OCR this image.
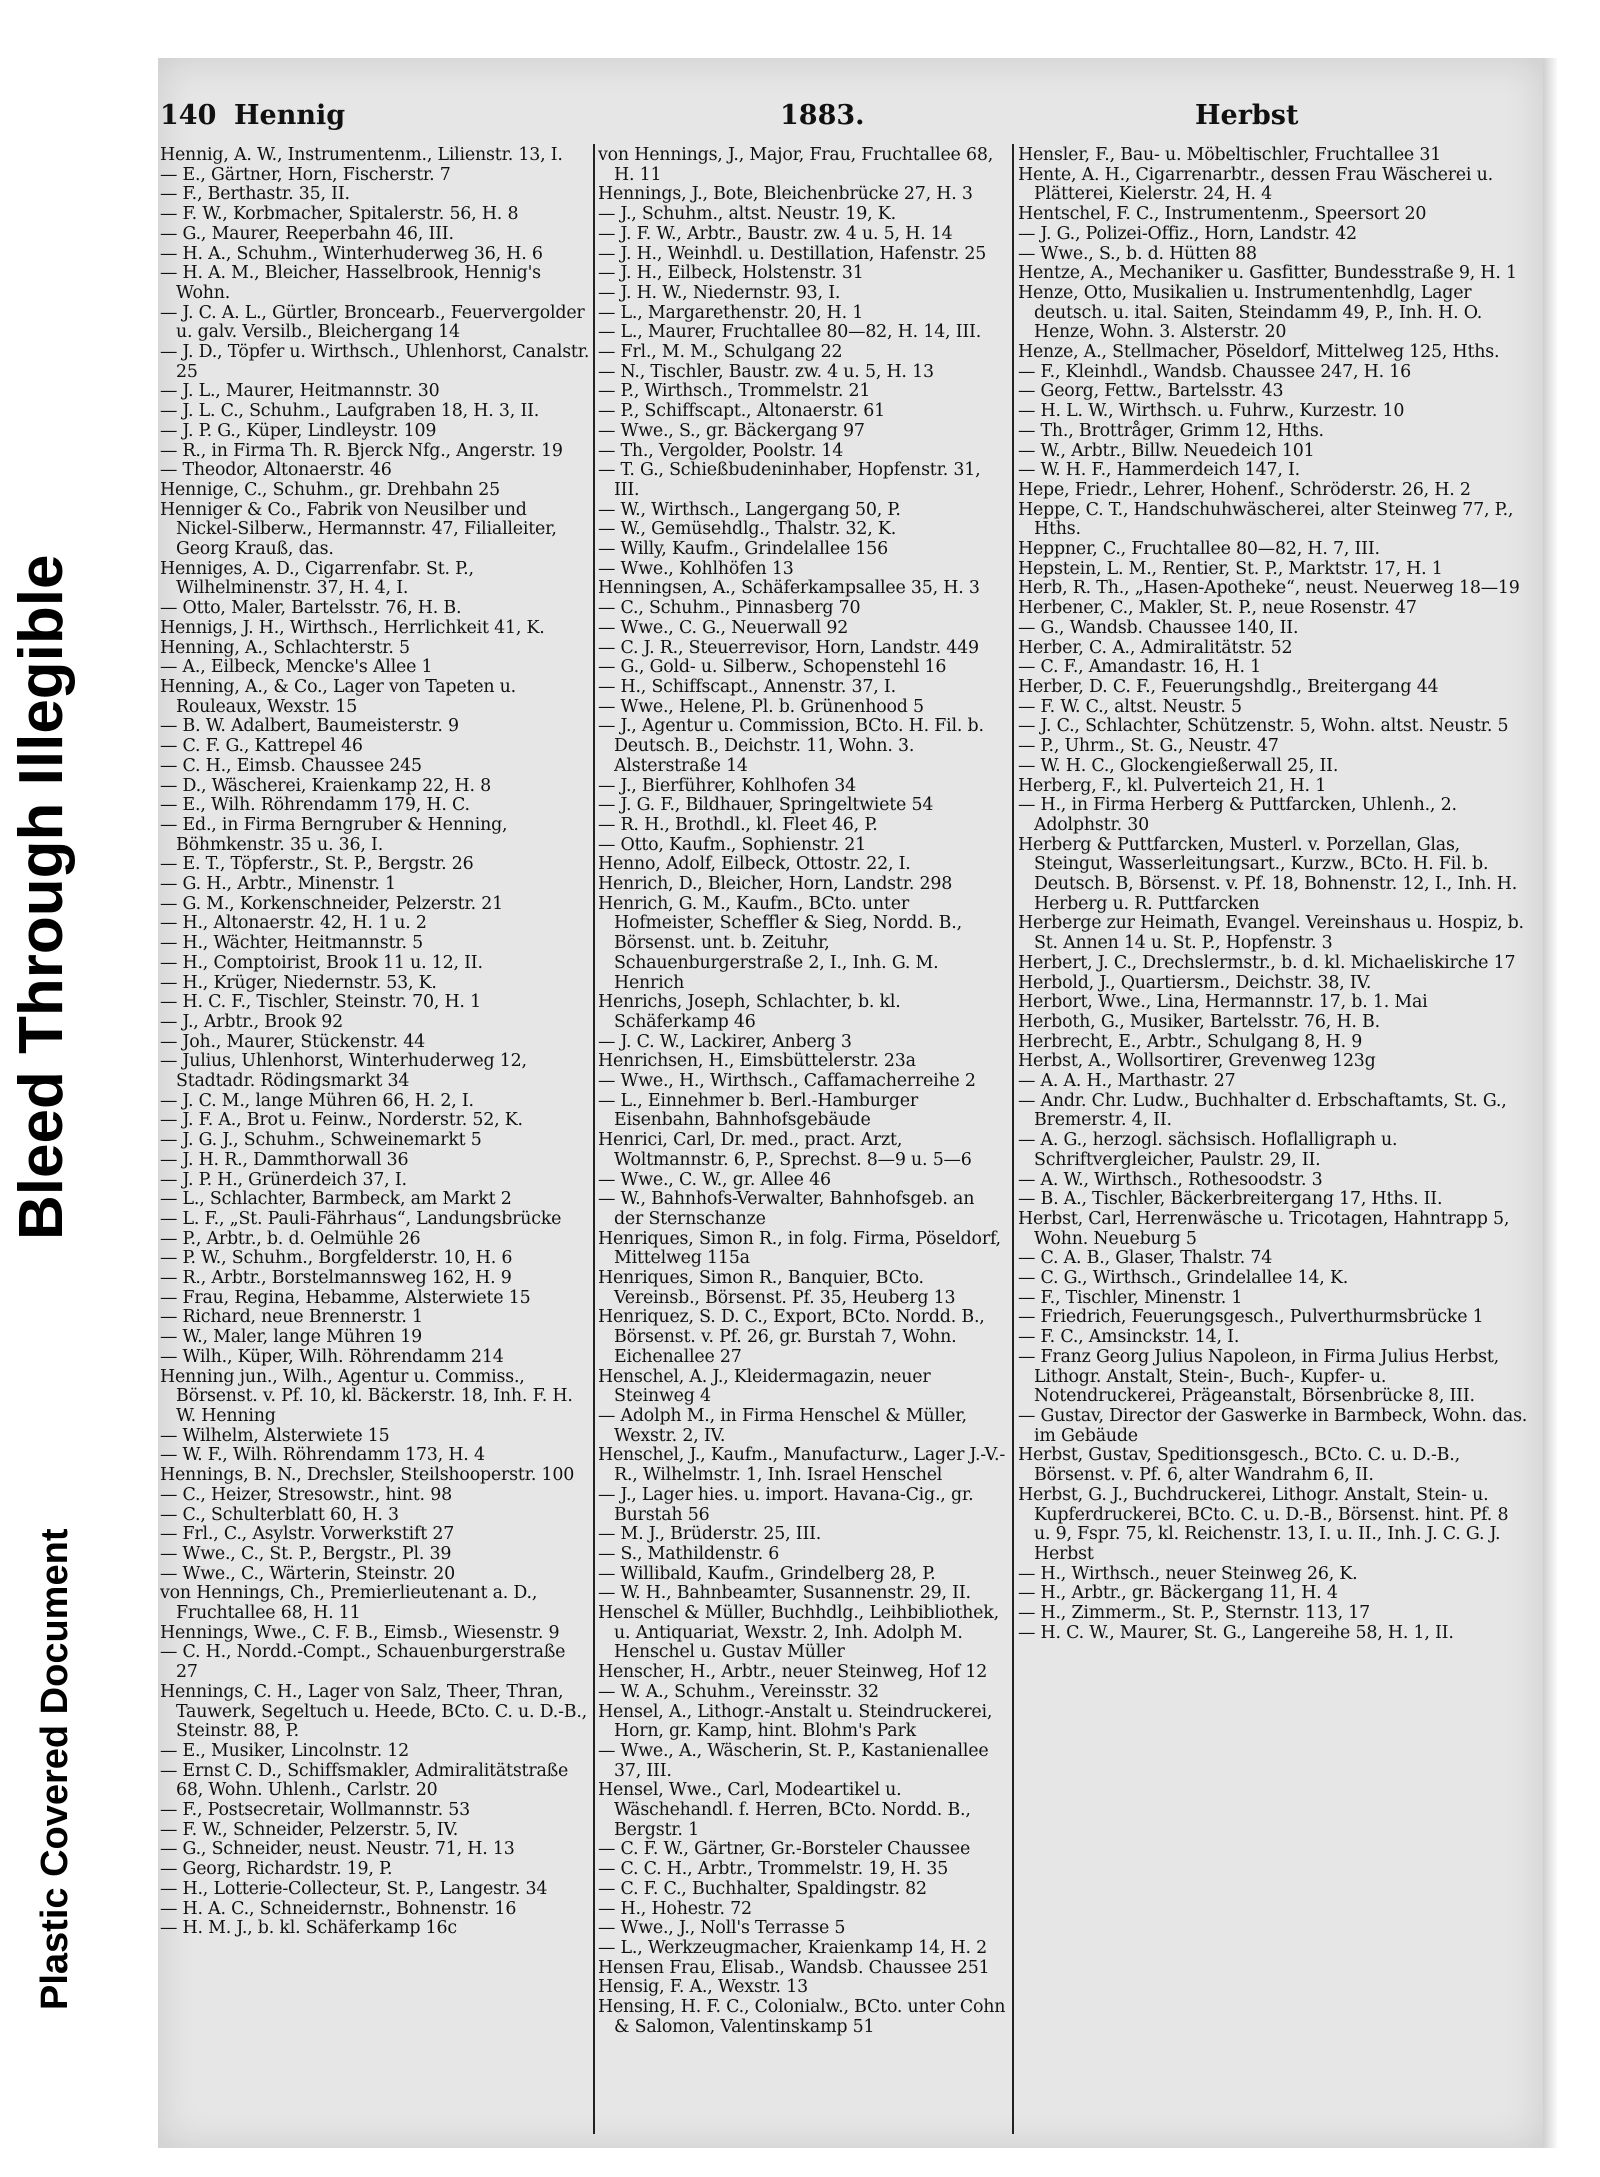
Bleed Through Illegible
Plastic Covered Document
140 Hennig	1883.	Herbst

Hennig, A. W., Instrumentenm., Lilienstr. 13, I.

— E., Gärtner, Horn, Fischerstr. 7

— F., Berthastr. 35, II.

— F. W., Korbmacher, Spitalerstr. 56, H. 8

— G., Maurer, Reeperbahn 46, III.

— H. A., Schuhm., Winterhuderweg 36, H. 6

— H. A. M., Bleicher, Hasselbrook, Hennig's Wohn.

— J. C. A. L., Gürtler, Broncearb., Feuervergolder u. galv. Versilb., Bleichergang 14

— J. D., Töpfer u. Wirthsch., Uhlenhorst, Canalstr. 25

— J. L., Maurer, Heitmannstr. 30

— J. L. C., Schuhm., Laufgraben 18, H. 3, II.

— J. P. G., Küper, Lindleystr. 109

— R., in Firma Th. R. Bjerck Nfg., Angerstr. 19

— Theodor, Altonaerstr. 46

Hennige, C., Schuhm., gr. Drehbahn 25

Henniger & Co., Fabrik von Neusilber und Nickel-Silberw., Hermannstr. 47, Filialleiter, Georg Krauß, das.

Henniges, A. D., Cigarrenfabr. St. P., Wilhelminenstr. 37, H. 4, I.

— Otto, Maler, Bartelsstr. 76, H. B.

Hennigs, J. H., Wirthsch., Herrlichkeit 41, K.

Henning, A., Schlachterstr. 5

— A., Eilbeck, Mencke's Allee 1

Henning, A., & Co., Lager von Tapeten u. Rouleaux, Wexstr. 15

— B. W. Adalbert, Baumeisterstr. 9

— C. F. G., Kattrepel 46

— C. H., Eimsb. Chaussee 245

— D., Wäscherei, Kraienkamp 22, H. 8

— E., Wilh. Röhrendamm 179, H. C.

— Ed., in Firma Berngruber & Henning, Böhmkenstr. 35 u. 36, I.

— E. T., Töpferstr., St. P., Bergstr. 26

— G. H., Arbtr., Minenstr. 1

— G. M., Korkenschneider, Pelzerstr. 21

— H., Altonaerstr. 42, H. 1 u. 2

— H., Wächter, Heitmannstr. 5

— H., Comptoirist, Brook 11 u. 12, II.

— H., Krüger, Niedernstr. 53, K.

— H. C. F., Tischler, Steinstr. 70, H. 1

— J., Arbtr., Brook 92

— Joh., Maurer, Stückenstr. 44

— Julius, Uhlenhorst, Winterhuderweg 12, Stadtadr. Rödingsmarkt 34

— J. C. M., lange Mühren 66, H. 2, I.

— J. F. A., Brot u. Feinw., Norderstr. 52, K.

— J. G. J., Schuhm., Schweinemarkt 5

— J. H. R., Dammthorwall 36

— J. P. H., Grünerdeich 37, I.

— L., Schlachter, Barmbeck, am Markt 2

— L. F., „St. Pauli-Fährhaus“, Landungsbrücke

— P., Arbtr., b. d. Oelmühle 26

— P. W., Schuhm., Borgfelderstr. 10, H. 6

— R., Arbtr., Borstelmannsweg 162, H. 9

— Frau, Regina, Hebamme, Alsterwiete 15

— Richard, neue Brennerstr. 1

— W., Maler, lange Mühren 19

— Wilh., Küper, Wilh. Röhrendamm 214

Henning jun., Wilh., Agentur u. Commiss., Börsenst. v. Pf. 10, kl. Bäckerstr. 18, Inh. F. H. W. Henning

— Wilhelm, Alsterwiete 15

— W. F., Wilh. Röhrendamm 173, H. 4

Hennings, B. N., Drechsler, Steilshooperstr. 100

— C., Heizer, Stresowstr., hint. 98

— C., Schulterblatt 60, H. 3

— Frl., C., Asylstr. Vorwerkstift 27

— Wwe., C., St. P., Bergstr., Pl. 39

— Wwe., C., Wärterin, Steinstr. 20

von Hennings, Ch., Premierlieutenant a. D., Fruchtallee 68, H. 11

Hennings, Wwe., C. F. B., Eimsb., Wiesenstr. 9

— C. H., Nordd.-Compt., Schauenburgerstraße 27

Hennings, C. H., Lager von Salz, Theer, Thran, Tauwerk, Segeltuch u. Heede, BCto. C. u. D.-B., Steinstr. 88, P.

— E., Musiker, Lincolnstr. 12

— Ernst C. D., Schiffsmakler, Admiralitätstraße 68, Wohn. Uhlenh., Carlstr. 20

— F., Postsecretair, Wollmannstr. 53

— F. W., Schneider, Pelzerstr. 5, IV.

— G., Schneider, neust. Neustr. 71, H. 13

— Georg, Richardstr. 19, P.

— H., Lotterie-Collecteur, St. P., Langestr. 34

— H. A. C., Schneidernstr., Bohnenstr. 16

— H. M. J., b. kl. Schäferkamp 16c

von Hennings, J., Major, Frau, Fruchtallee 68, H. 11

Hennings, J., Bote, Bleichenbrücke 27, H. 3

— J., Schuhm., altst. Neustr. 19, K.

— J. F. W., Arbtr., Baustr. zw. 4 u. 5, H. 14

— J. H., Weinhdl. u. Destillation, Hafenstr. 25

— J. H., Eilbeck, Holstenstr. 31

— J. H. W., Niedernstr. 93, I.

— L., Margarethenstr. 20, H. 1

— L., Maurer, Fruchtallee 80—82, H. 14, III.

— Frl., M. M., Schulgang 22

— N., Tischler, Baustr. zw. 4 u. 5, H. 13

— P., Wirthsch., Trommelstr. 21

— P., Schiffscapt., Altonaerstr. 61

— Wwe., S., gr. Bäckergang 97

— Th., Vergolder, Poolstr. 14

— T. G., Schießbudeninhaber, Hopfenstr. 31, III.

— W., Wirthsch., Langergang 50, P.

— W., Gemüsehdlg., Thalstr. 32, K.

— Willy, Kaufm., Grindelallee 156

— Wwe., Kohlhöfen 13

Henningsen, A., Schäferkampsallee 35, H. 3

— C., Schuhm., Pinnasberg 70

— Wwe., C. G., Neuerwall 92

— C. J. R., Steuerrevisor, Horn, Landstr. 449

— G., Gold- u. Silberw., Schopenstehl 16

— H., Schiffscapt., Annenstr. 37, I.

— Wwe., Helene, Pl. b. Grünenhood 5

— J., Agentur u. Commission, BCto. H. Fil. b. Deutsch. B., Deichstr. 11, Wohn. 3. Alsterstraße 14

— J., Bierführer, Kohlhofen 34

— J. G. F., Bildhauer, Springeltwiete 54

— R. H., Brothdl., kl. Fleet 46, P.

— Otto, Kaufm., Sophienstr. 21

Henno, Adolf, Eilbeck, Ottostr. 22, I.

Henrich, D., Bleicher, Horn, Landstr. 298

Henrich, G. M., Kaufm., BCto. unter Hofmeister, Scheffler & Sieg, Nordd. B., Börsenst. unt. b. Zeituhr, Schauenburgerstraße 2, I., Inh. G. M. Henrich

Henrichs, Joseph, Schlachter, b. kl. Schäferkamp 46

— J. C. W., Lackirer, Anberg 3

Henrichsen, H., Eimsbüttelerstr. 23a

— Wwe., H., Wirthsch., Caffamacherreihe 2

— L., Einnehmer b. Berl.-Hamburger Eisenbahn, Bahnhofsgebäude

Henrici, Carl, Dr. med., pract. Arzt, Woltmannstr. 6, P., Sprechst. 8—9 u. 5—6

— Wwe., C. W., gr. Allee 46

— W., Bahnhofs-Verwalter, Bahnhofsgeb. an der Sternschanze

Henriques, Simon R., in folg. Firma, Pöseldorf, Mittelweg 115a

Henriques, Simon R., Banquier, BCto. Vereinsb., Börsenst. Pf. 35, Heuberg 13

Henriquez, S. D. C., Export, BCto. Nordd. B., Börsenst. v. Pf. 26, gr. Burstah 7, Wohn. Eichenallee 27

Henschel, A. J., Kleidermagazin, neuer Steinweg 4

— Adolph M., in Firma Henschel & Müller, Wexstr. 2, IV.

Henschel, J., Kaufm., Manufacturw., Lager J.-V.-R., Wilhelmstr. 1, Inh. Israel Henschel

— J., Lager hies. u. import. Havana-Cig., gr. Burstah 56

— M. J., Brüderstr. 25, III.

— S., Mathildenstr. 6

— Willibald, Kaufm., Grindelberg 28, P.

— W. H., Bahnbeamter, Susannenstr. 29, II.

Henschel & Müller, Buchhdlg., Leihbibliothek, u. Antiquariat, Wexstr. 2, Inh. Adolph M. Henschel u. Gustav Müller

Henscher, H., Arbtr., neuer Steinweg, Hof 12

— W. A., Schuhm., Vereinsstr. 32

Hensel, A., Lithogr.-Anstalt u. Steindruckerei, Horn, gr. Kamp, hint. Blohm's Park

— Wwe., A., Wäscherin, St. P., Kastanienallee 37, III.

Hensel, Wwe., Carl, Modeartikel u. Wäschehandl. f. Herren, BCto. Nordd. B., Bergstr. 1

— C. F. W., Gärtner, Gr.-Borsteler Chaussee

— C. C. H., Arbtr., Trommelstr. 19, H. 35

— C. F. C., Buchhalter, Spaldingstr. 82

— H., Hohestr. 72

— Wwe., J., Noll's Terrasse 5

— L., Werkzeugmacher, Kraienkamp 14, H. 2

Hensen Frau, Elisab., Wandsb. Chaussee 251

Hensig, F. A., Wexstr. 13

Hensing, H. F. C., Colonialw., BCto. unter Cohn & Salomon, Valentinskamp 51

Hensler, F., Bau- u. Möbeltischler, Fruchtallee 31

Hente, A. H., Cigarrenarbtr., dessen Frau Wäscherei u. Plätterei, Kielerstr. 24, H. 4

Hentschel, F. C., Instrumentenm., Speersort 20

— J. G., Polizei-Offiz., Horn, Landstr. 42

— Wwe., S., b. d. Hütten 88

Hentze, A., Mechaniker u. Gasfitter, Bundesstraße 9, H. 1

Henze, Otto, Musikalien u. Instrumentenhdlg, Lager deutsch. u. ital. Saiten, Steindamm 49, P., Inh. H. O. Henze, Wohn. 3. Alsterstr. 20

Henze, A., Stellmacher, Pöseldorf, Mittelweg 125, Hths.

— F., Kleinhdl., Wandsb. Chaussee 247, H. 16

— Georg, Fettw., Bartelsstr. 43

— H. L. W., Wirthsch. u. Fuhrw., Kurzestr. 10

— Th., Brottråger, Grimm 12, Hths.

— W., Arbtr., Billw. Neuedeich 101

— W. H. F., Hammerdeich 147, I.

Hepe, Friedr., Lehrer, Hohenf., Schröderstr. 26, H. 2

Heppe, C. T., Handschuhwäscherei, alter Steinweg 77, P., Hths.

Heppner, C., Fruchtallee 80—82, H. 7, III.

Hepstein, L. M., Rentier, St. P., Marktstr. 17, H. 1

Herb, R. Th., „Hasen-Apotheke“, neust. Neuerweg 18—19

Herbener, C., Makler, St. P., neue Rosenstr. 47

— G., Wandsb. Chaussee 140, II.

Herber, C. A., Admiralitätstr. 52

— C. F., Amandastr. 16, H. 1

Herber, D. C. F., Feuerungshdlg., Breitergang 44

— F. W. C., altst. Neustr. 5

— J. C., Schlachter, Schützenstr. 5, Wohn. altst. Neustr. 5

— P., Uhrm., St. G., Neustr. 47

— W. H. C., Glockengießerwall 25, II.

Herberg, F., kl. Pulverteich 21, H. 1

— H., in Firma Herberg & Puttfarcken, Uhlenh., 2. Adolphstr. 30

Herberg & Puttfarcken, Musterl. v. Porzellan, Glas, Steingut, Wasserleitungsart., Kurzw., BCto. H. Fil. b. Deutsch. B, Börsenst. v. Pf. 18, Bohnenstr. 12, I., Inh. H. Herberg u. R. Puttfarcken

Herberge zur Heimath, Evangel. Vereinshaus u. Hospiz, b. St. Annen 14 u. St. P., Hopfenstr. 3

Herbert, J. C., Drechslermstr., b. d. kl. Michaeliskirche 17

Herbold, J., Quartiersm., Deichstr. 38, IV.

Herbort, Wwe., Lina, Hermannstr. 17, b. 1. Mai

Herboth, G., Musiker, Bartelsstr. 76, H. B.

Herbrecht, E., Arbtr., Schulgang 8, H. 9

Herbst, A., Wollsortirer, Grevenweg 123g

— A. A. H., Marthastr. 27

— Andr. Chr. Ludw., Buchhalter d. Erbschaftamts, St. G., Bremerstr. 4, II.

— A. G., herzogl. sächsisch. Hoflalligraph u. Schriftvergleicher, Paulstr. 29, II.

— A. W., Wirthsch., Rothesoodstr. 3

— B. A., Tischler, Bäckerbreitergang 17, Hths. II.

Herbst, Carl, Herrenwäsche u. Tricotagen, Hahntrapp 5, Wohn. Neueburg 5

— C. A. B., Glaser, Thalstr. 74

— C. G., Wirthsch., Grindelallee 14, K.

— F., Tischler, Minenstr. 1

— Friedrich, Feuerungsgesch., Pulverthurmsbrücke 1

— F. C., Amsinckstr. 14, I.

— Franz Georg Julius Napoleon, in Firma Julius Herbst, Lithogr. Anstalt, Stein-, Buch-, Kupfer- u. Notendruckerei, Prägeanstalt, Börsenbrücke 8, III.

— Gustav, Director der Gaswerke in Barmbeck, Wohn. das. im Gebäude

Herbst, Gustav, Speditionsgesch., BCto. C. u. D.-B., Börsenst. v. Pf. 6, alter Wandrahm 6, II.

Herbst, G. J., Buchdruckerei, Lithogr. Anstalt, Stein- u. Kupferdruckerei, BCto. C. u. D.-B., Börsenst. hint. Pf. 8 u. 9, Fspr. 75, kl. Reichenstr. 13, I. u. II., Inh. J. C. G. J. Herbst

— H., Wirthsch., neuer Steinweg 26, K.

— H., Arbtr., gr. Bäckergang 11, H. 4

— H., Zimmerm., St. P., Sternstr. 113, 17

— H. C. W., Maurer, St. G., Langereihe 58, H. 1, II.
